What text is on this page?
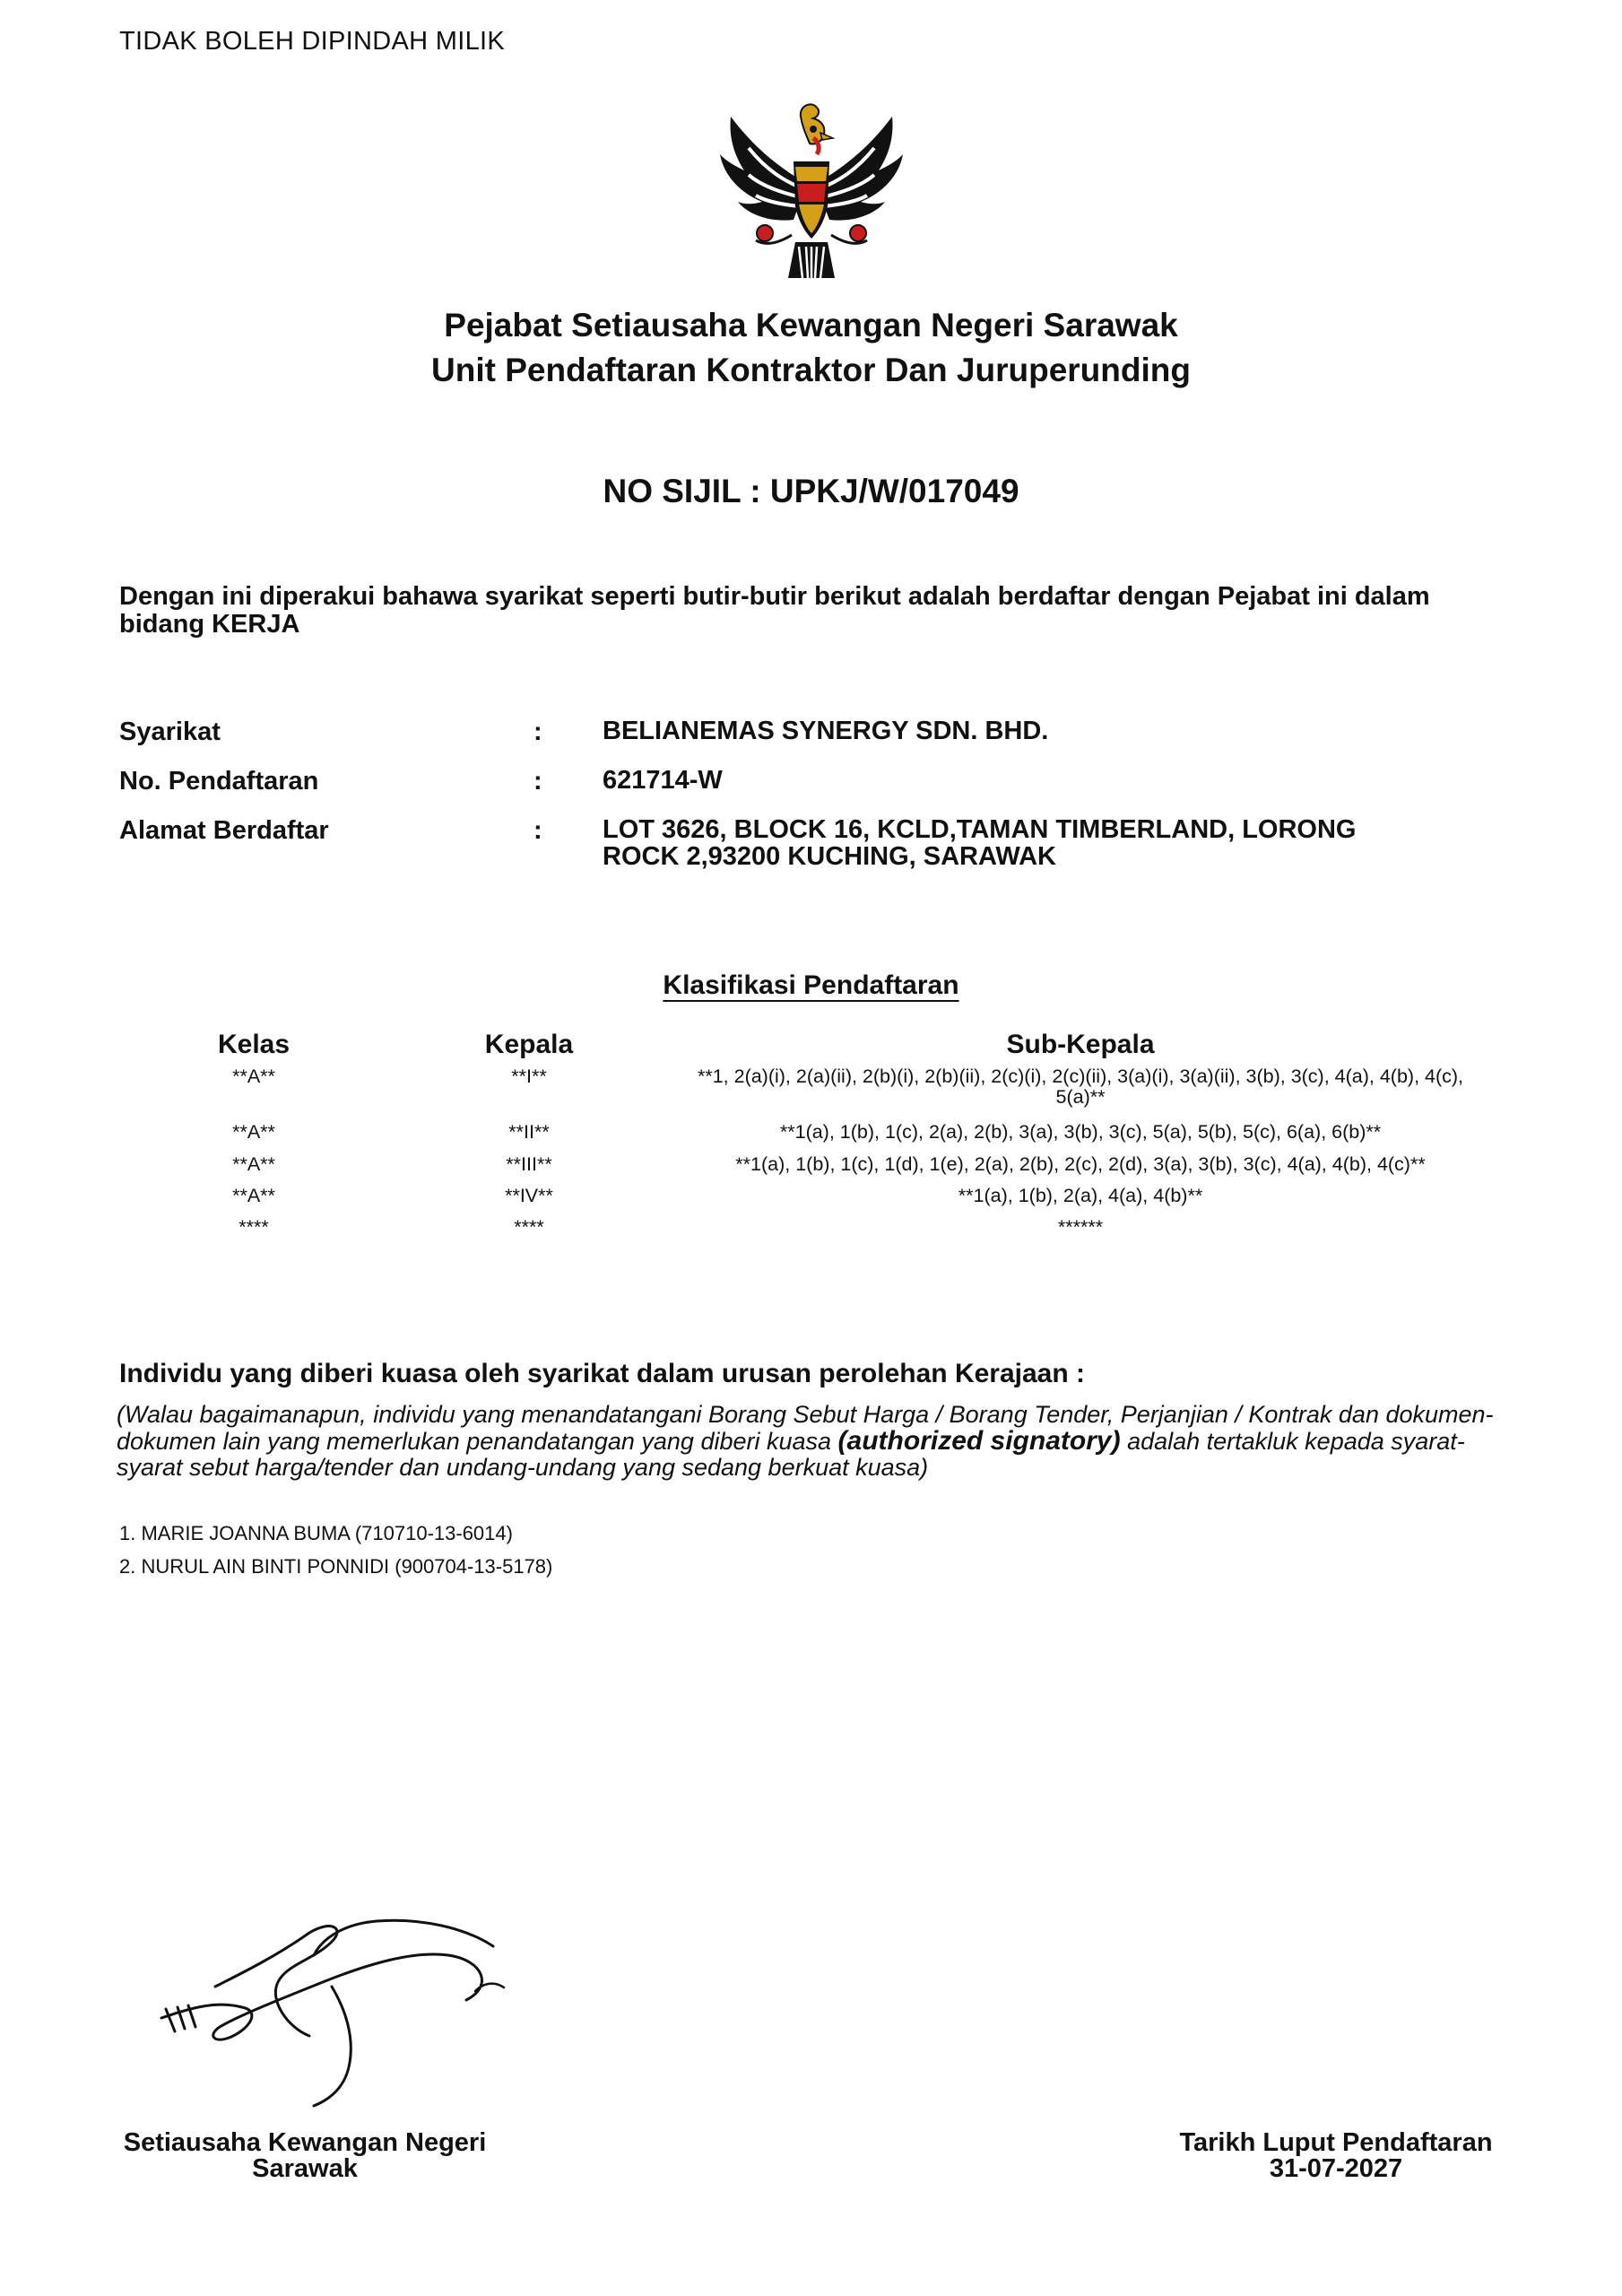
TIDAK BOLEH DIPINDAH MILIK
Pejabat Setiausaha Kewangan Negeri Sarawak
Unit Pendaftaran Kontraktor Dan Juruperunding
NO SIJIL : UPKJ/W/017049
Dengan ini diperakui bahawa syarikat seperti butir-butir berikut adalah berdaftar dengan Pejabat ini dalam bidang KERJA
Syarikat	: BELIANEMAS SYNERGY SDN. BHD.
No. Pendaftaran	: 621714-W
Alamat Berdaftar	: LOT 3626, BLOCK 16, KCLD,TAMAN TIMBERLAND, LORONG ROCK 2,93200 KUCHING, SARAWAK
Klasifikasi Pendaftaran
Kelas	Kepala	Sub-Kepala
**A**	**I**	**1, 2(a)(i), 2(a)(ii), 2(b)(i), 2(b)(ii), 2(c)(i), 2(c)(ii), 3(a)(i), 3(a)(ii), 3(b), 3(c), 4(a), 4(b), 4(c), 5(a)**
**A**	**II**	**1(a), 1(b), 1(c), 2(a), 2(b), 3(a), 3(b), 3(c), 5(a), 5(b), 5(c), 6(a), 6(b)**
**A**	**III**	**1(a), 1(b), 1(c), 1(d), 1(e), 2(a), 2(b), 2(c), 2(d), 3(a), 3(b), 3(c), 4(a), 4(b), 4(c)**
**A**	**IV**	**1(a), 1(b), 2(a), 4(a), 4(b)**
****	****	******
Individu yang diberi kuasa oleh syarikat dalam urusan perolehan Kerajaan :
(Walau bagaimanapun, individu yang menandatangani Borang Sebut Harga / Borang Tender, Perjanjian / Kontrak dan dokumen-dokumen lain yang memerlukan penandatangan yang diberi kuasa (authorized signatory) adalah tertakluk kepada syarat-syarat sebut harga/tender dan undang-undang yang sedang berkuat kuasa)
1. MARIE JOANNA BUMA (710710-13-6014)
2. NURUL AIN BINTI PONNIDI (900704-13-5178)
Setiausaha Kewangan Negeri
Sarawak
Tarikh Luput Pendaftaran
31-07-2027
